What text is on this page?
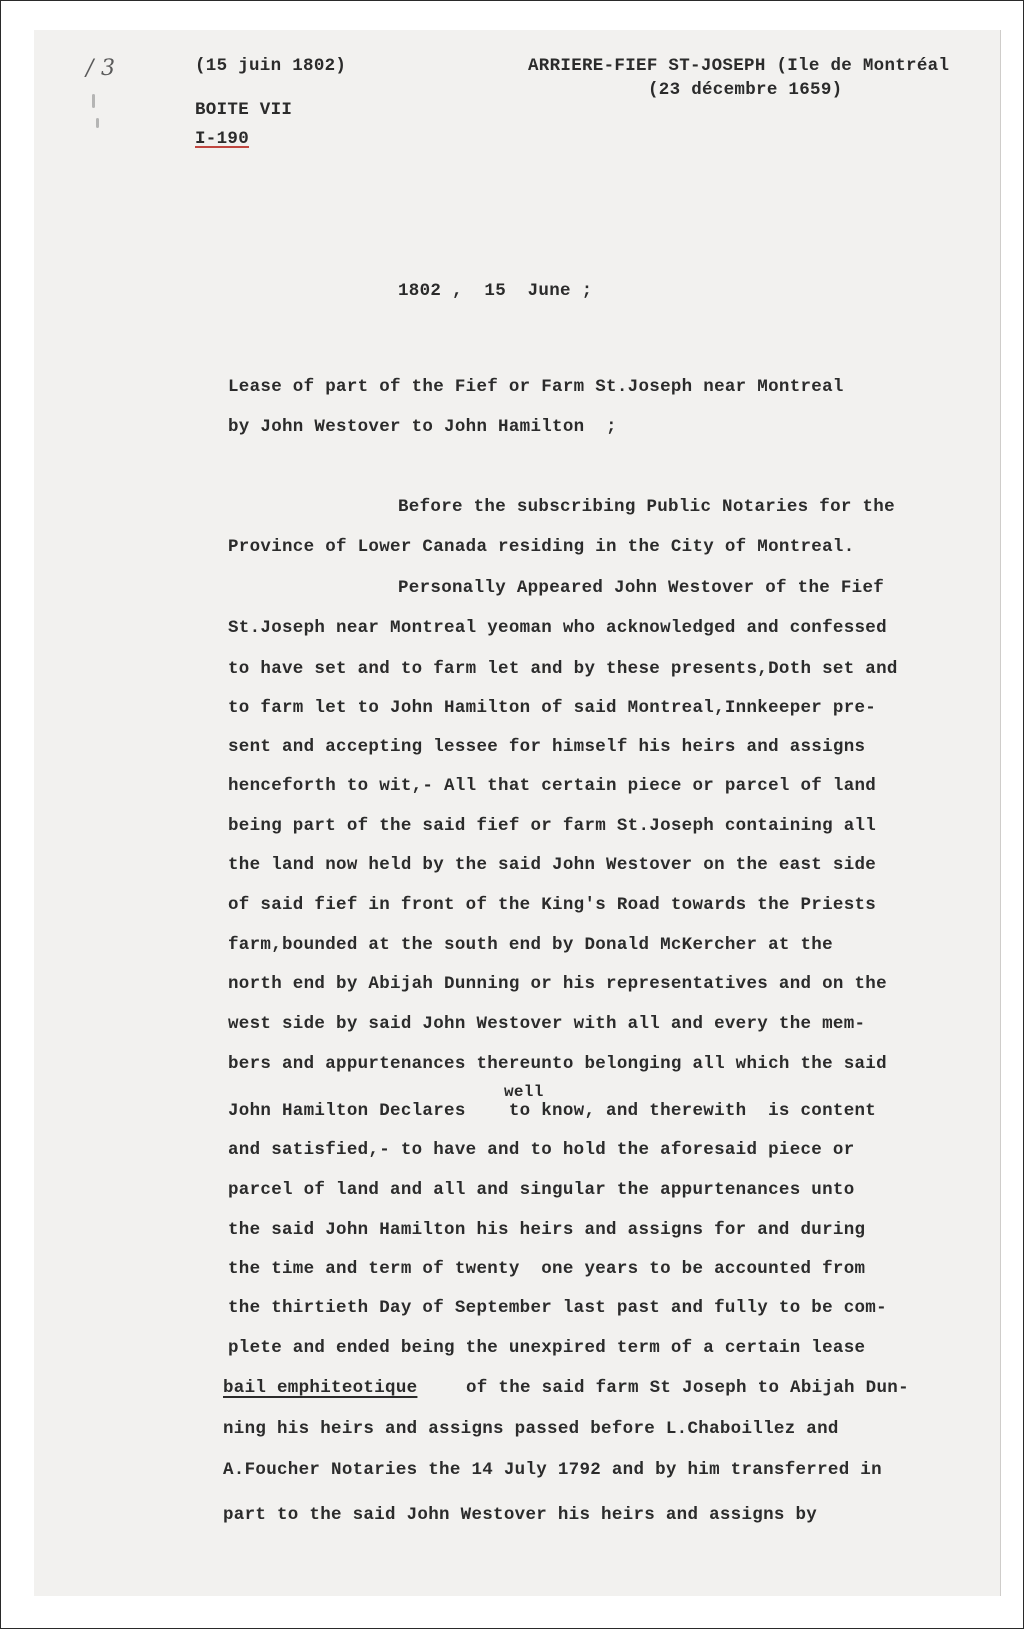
/ 3	(15 juin 1802)
BOITE VII
I-190
ARRIERE-FIEF ST-JOSEPH (Ile de Montréal
(23 décembre 1659)
1802 ,  15  June ;
Lease of part of the Fief or Farm St.Joseph near Montreal
by John Westover to John Hamilton  ;
Before the subscribing Public Notaries for the
Province of Lower Canada residing in the City of Montreal.
Personally Appeared John Westover of the Fief
St.Joseph near Montreal yeoman who acknowledged and confessed
to have set and to farm let and by these presents,Doth set and
to farm let to John Hamilton of said Montreal,Innkeeper pre-
sent and accepting lessee for himself his heirs and assigns
henceforth to wit,- All that certain piece or parcel of land
being part of the said fief or farm St.Joseph containing all
the land now held by the said John Westover on the east side
of said fief in front of the King's Road towards the Priests
farm,bounded at the south end by Donald McKercher at the
north end by Abijah Dunning or his representatives and on the
west side by said John Westover with all and every the mem-
bers and appurtenances thereunto belonging all which the said
well
John Hamilton Declares    to know, and therewith  is content
and satisfied,- to have and to hold the aforesaid piece or
parcel of land and all and singular the appurtenances unto
the said John Hamilton his heirs and assigns for and during
the time and term of twenty  one years to be accounted from
the thirtieth Day of September last past and fully to be com-
plete and ended being the unexpired term of a certain lease
bail emphiteotique	of the said farm St Joseph to Abijah Dun-
ning his heirs and assigns passed before L.Chaboillez and
A.Foucher Notaries the 14 July 1792 and by him transferred in
part to the said John Westover his heirs and assigns by
